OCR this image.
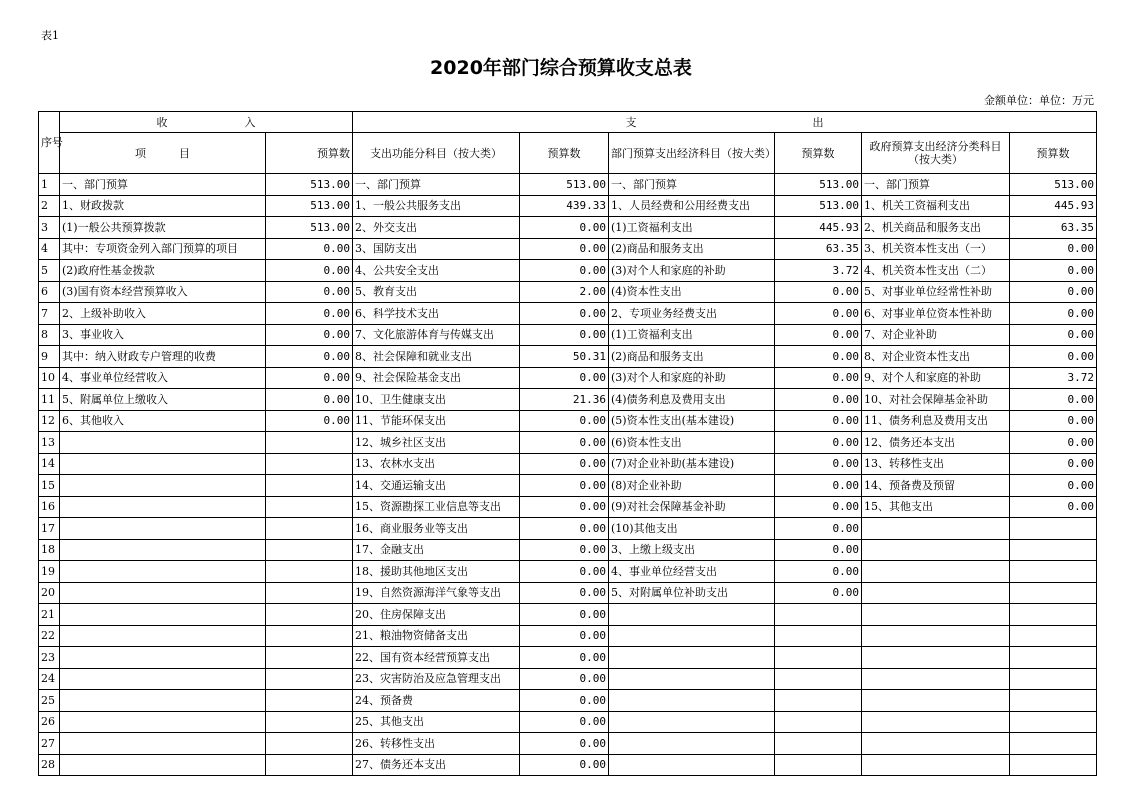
表1
2020年部门综合预算收支总表
金额单位：单位：万元
序号	收　　　　　　　入		支　　　　　　　　　　　　　　　　出					
	项　　　目	预算数	支出功能分科目（按大类）	预算数	部门预算支出经济科目（按大类）	预算数	政府预算支出经济分类科目（按大类）	预算数
1	一、部门预算	513.00	一、部门预算	513.00	一、部门预算	513.00	一、部门预算	513.00
2	1、财政拨款	513.00	1、一般公共服务支出	439.33	1、人员经费和公用经费支出	513.00	1、机关工资福利支出	445.93
3	(1)一般公共预算拨款	513.00	2、外交支出	0.00	(1)工资福利支出	445.93	2、机关商品和服务支出	63.35
4	其中：专项资金列入部门预算的项目	0.00	3、国防支出	0.00	(2)商品和服务支出	63.35	3、机关资本性支出（一）	0.00
5	(2)政府性基金拨款	0.00	4、公共安全支出	0.00	(3)对个人和家庭的补助	3.72	4、机关资本性支出（二）	0.00
6	(3)国有资本经营预算收入	0.00	5、教育支出	2.00	(4)资本性支出	0.00	5、对事业单位经常性补助	0.00
7	2、上级补助收入	0.00	6、科学技术支出	0.00	2、专项业务经费支出	0.00	6、对事业单位资本性补助	0.00
8	3、事业收入	0.00	7、文化旅游体育与传媒支出	0.00	(1)工资福利支出	0.00	7、对企业补助	0.00
9	其中：纳入财政专户管理的收费	0.00	8、社会保障和就业支出	50.31	(2)商品和服务支出	0.00	8、对企业资本性支出	0.00
10	4、事业单位经营收入	0.00	9、社会保险基金支出	0.00	(3)对个人和家庭的补助	0.00	9、对个人和家庭的补助	3.72
11	5、附属单位上缴收入	0.00	10、卫生健康支出	21.36	(4)债务利息及费用支出	0.00	10、对社会保障基金补助	0.00
12	6、其他收入	0.00	11、节能环保支出	0.00	(5)资本性支出(基本建设)	0.00	11、债务利息及费用支出	0.00
13			12、城乡社区支出	0.00	(6)资本性支出	0.00	12、债务还本支出	0.00
14			13、农林水支出	0.00	(7)对企业补助(基本建设)	0.00	13、转移性支出	0.00
15			14、交通运输支出	0.00	(8)对企业补助	0.00	14、预备费及预留	0.00
16			15、资源勘探工业信息等支出	0.00	(9)对社会保障基金补助	0.00	15、其他支出	0.00
17			16、商业服务业等支出	0.00	(10)其他支出	0.00		
18			17、金融支出	0.00	3、上缴上级支出	0.00		
19			18、援助其他地区支出	0.00	4、事业单位经营支出	0.00		
20			19、自然资源海洋气象等支出	0.00	5、对附属单位补助支出	0.00		
21			20、住房保障支出	0.00				
22			21、粮油物资储备支出	0.00				
23			22、国有资本经营预算支出	0.00				
24			23、灾害防治及应急管理支出	0.00				
25			24、预备费	0.00				
26			25、其他支出	0.00				
27			26、转移性支出	0.00				
28			27、债务还本支出	0.00				
